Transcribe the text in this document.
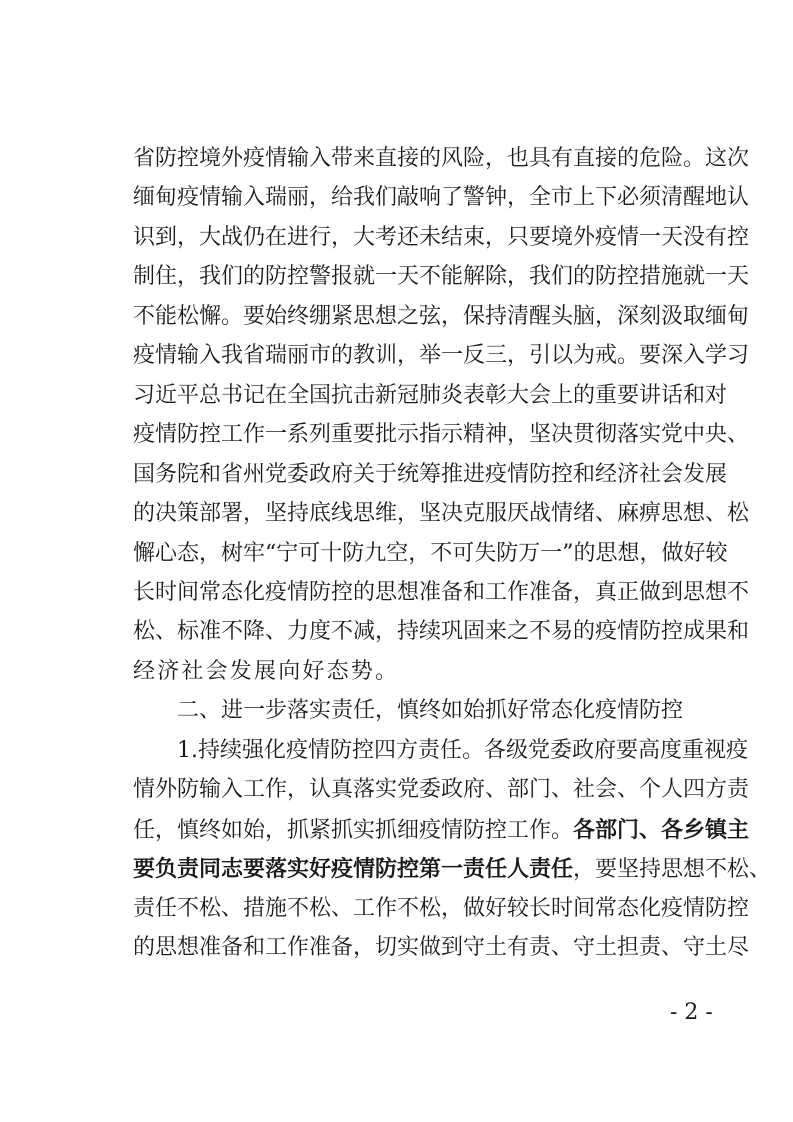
省防控境外疫情输入带来直接的风险，也具有直接的危险。这次
缅甸疫情输入瑞丽，给我们敲响了警钟，全市上下必须清醒地认
识到，大战仍在进行，大考还未结束，只要境外疫情一天没有控
制住，我们的防控警报就一天不能解除，我们的防控措施就一天
不能松懈。要始终绷紧思想之弦，保持清醒头脑，深刻汲取缅甸
疫情输入我省瑞丽市的教训，举一反三，引以为戒。要深入学习
习近平总书记在全国抗击新冠肺炎表彰大会上的重要讲话和对
疫情防控工作一系列重要批示指示精神，坚决贯彻落实党中央、
国务院和省州党委政府关于统筹推进疫情防控和经济社会发展
的决策部署，坚持底线思维，坚决克服厌战情绪、麻痹思想、松
懈心态，树牢“宁可十防九空，不可失防万一”的思想，做好较
长时间常态化疫情防控的思想准备和工作准备，真正做到思想不
松、标准不降、力度不减，持续巩固来之不易的疫情防控成果和
经济社会发展向好态势。
二、进一步落实责任，慎终如始抓好常态化疫情防控
1.持续强化疫情防控四方责任。各级党委政府要高度重视疫
情外防输入工作，认真落实党委政府、部门、社会、个人四方责
任，慎终如始，抓紧抓实抓细疫情防控工作。各部门、各乡镇主
要负责同志要落实好疫情防控第一责任人责任，要坚持思想不松、
责任不松、措施不松、工作不松，做好较长时间常态化疫情防控
的思想准备和工作准备，切实做到守土有责、守土担责、守土尽
- 2 -
